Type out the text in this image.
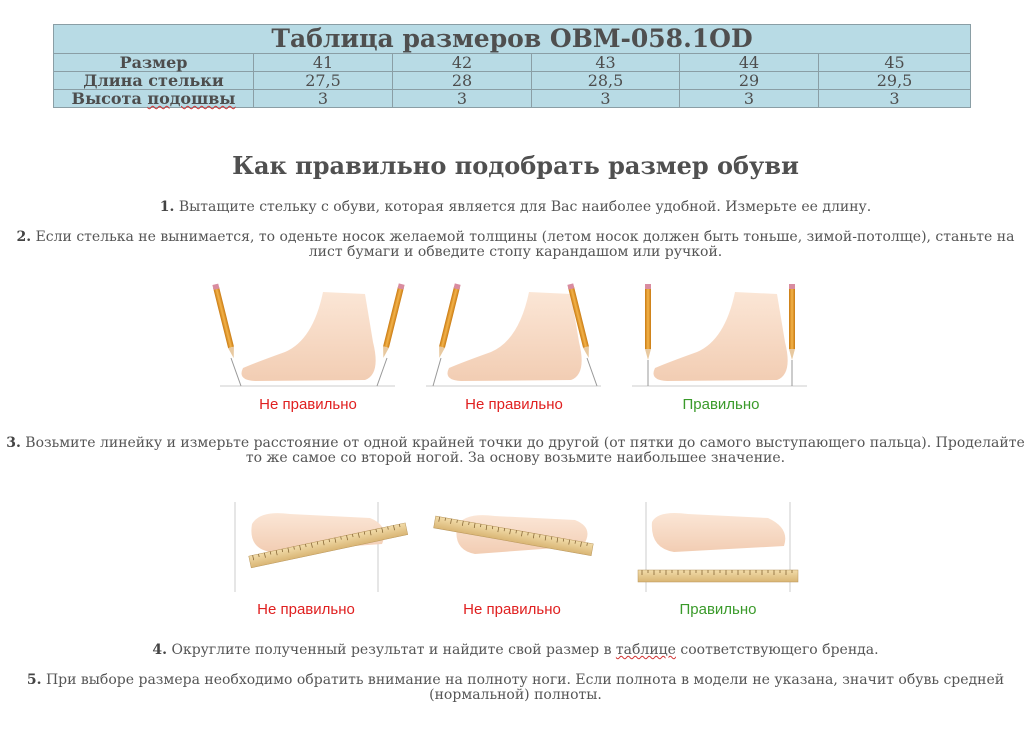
Таблица размеров OBM-058.1OD					
Размер	41	42	43	44	45
Длина стельки	27,5	28	28,5	29	29,5
Высота подошвы	3	3	3	3	3
Как правильно подобрать размер обуви

1. Вытащите стельку с обуви, которая является для Вас наиболее удобной. Измерьте ее длину.

2. Если стелька не вынимается, то оденьте носок желаемой толщины (летом носок должен быть тоньше, зимой-потолще), станьте на лист бумаги и обведите стопу карандашом или ручкой.

Не правильно	Не правильно	Правильно

3. Возьмите линейку и измерьте расстояние от одной крайней точки до другой (от пятки до самого выступающего пальца). Проделайте то же самое со второй ногой. За основу возьмите наибольшее значение.

Не правильно	Не правильно	Правильно

4. Округлите полученный результат и найдите свой размер в таблице соответствующего бренда.

5. При выборе размера необходимо обратить внимание на полноту ноги. Если полнота в модели не указана, значит обувь средней (нормальной) полноты.
